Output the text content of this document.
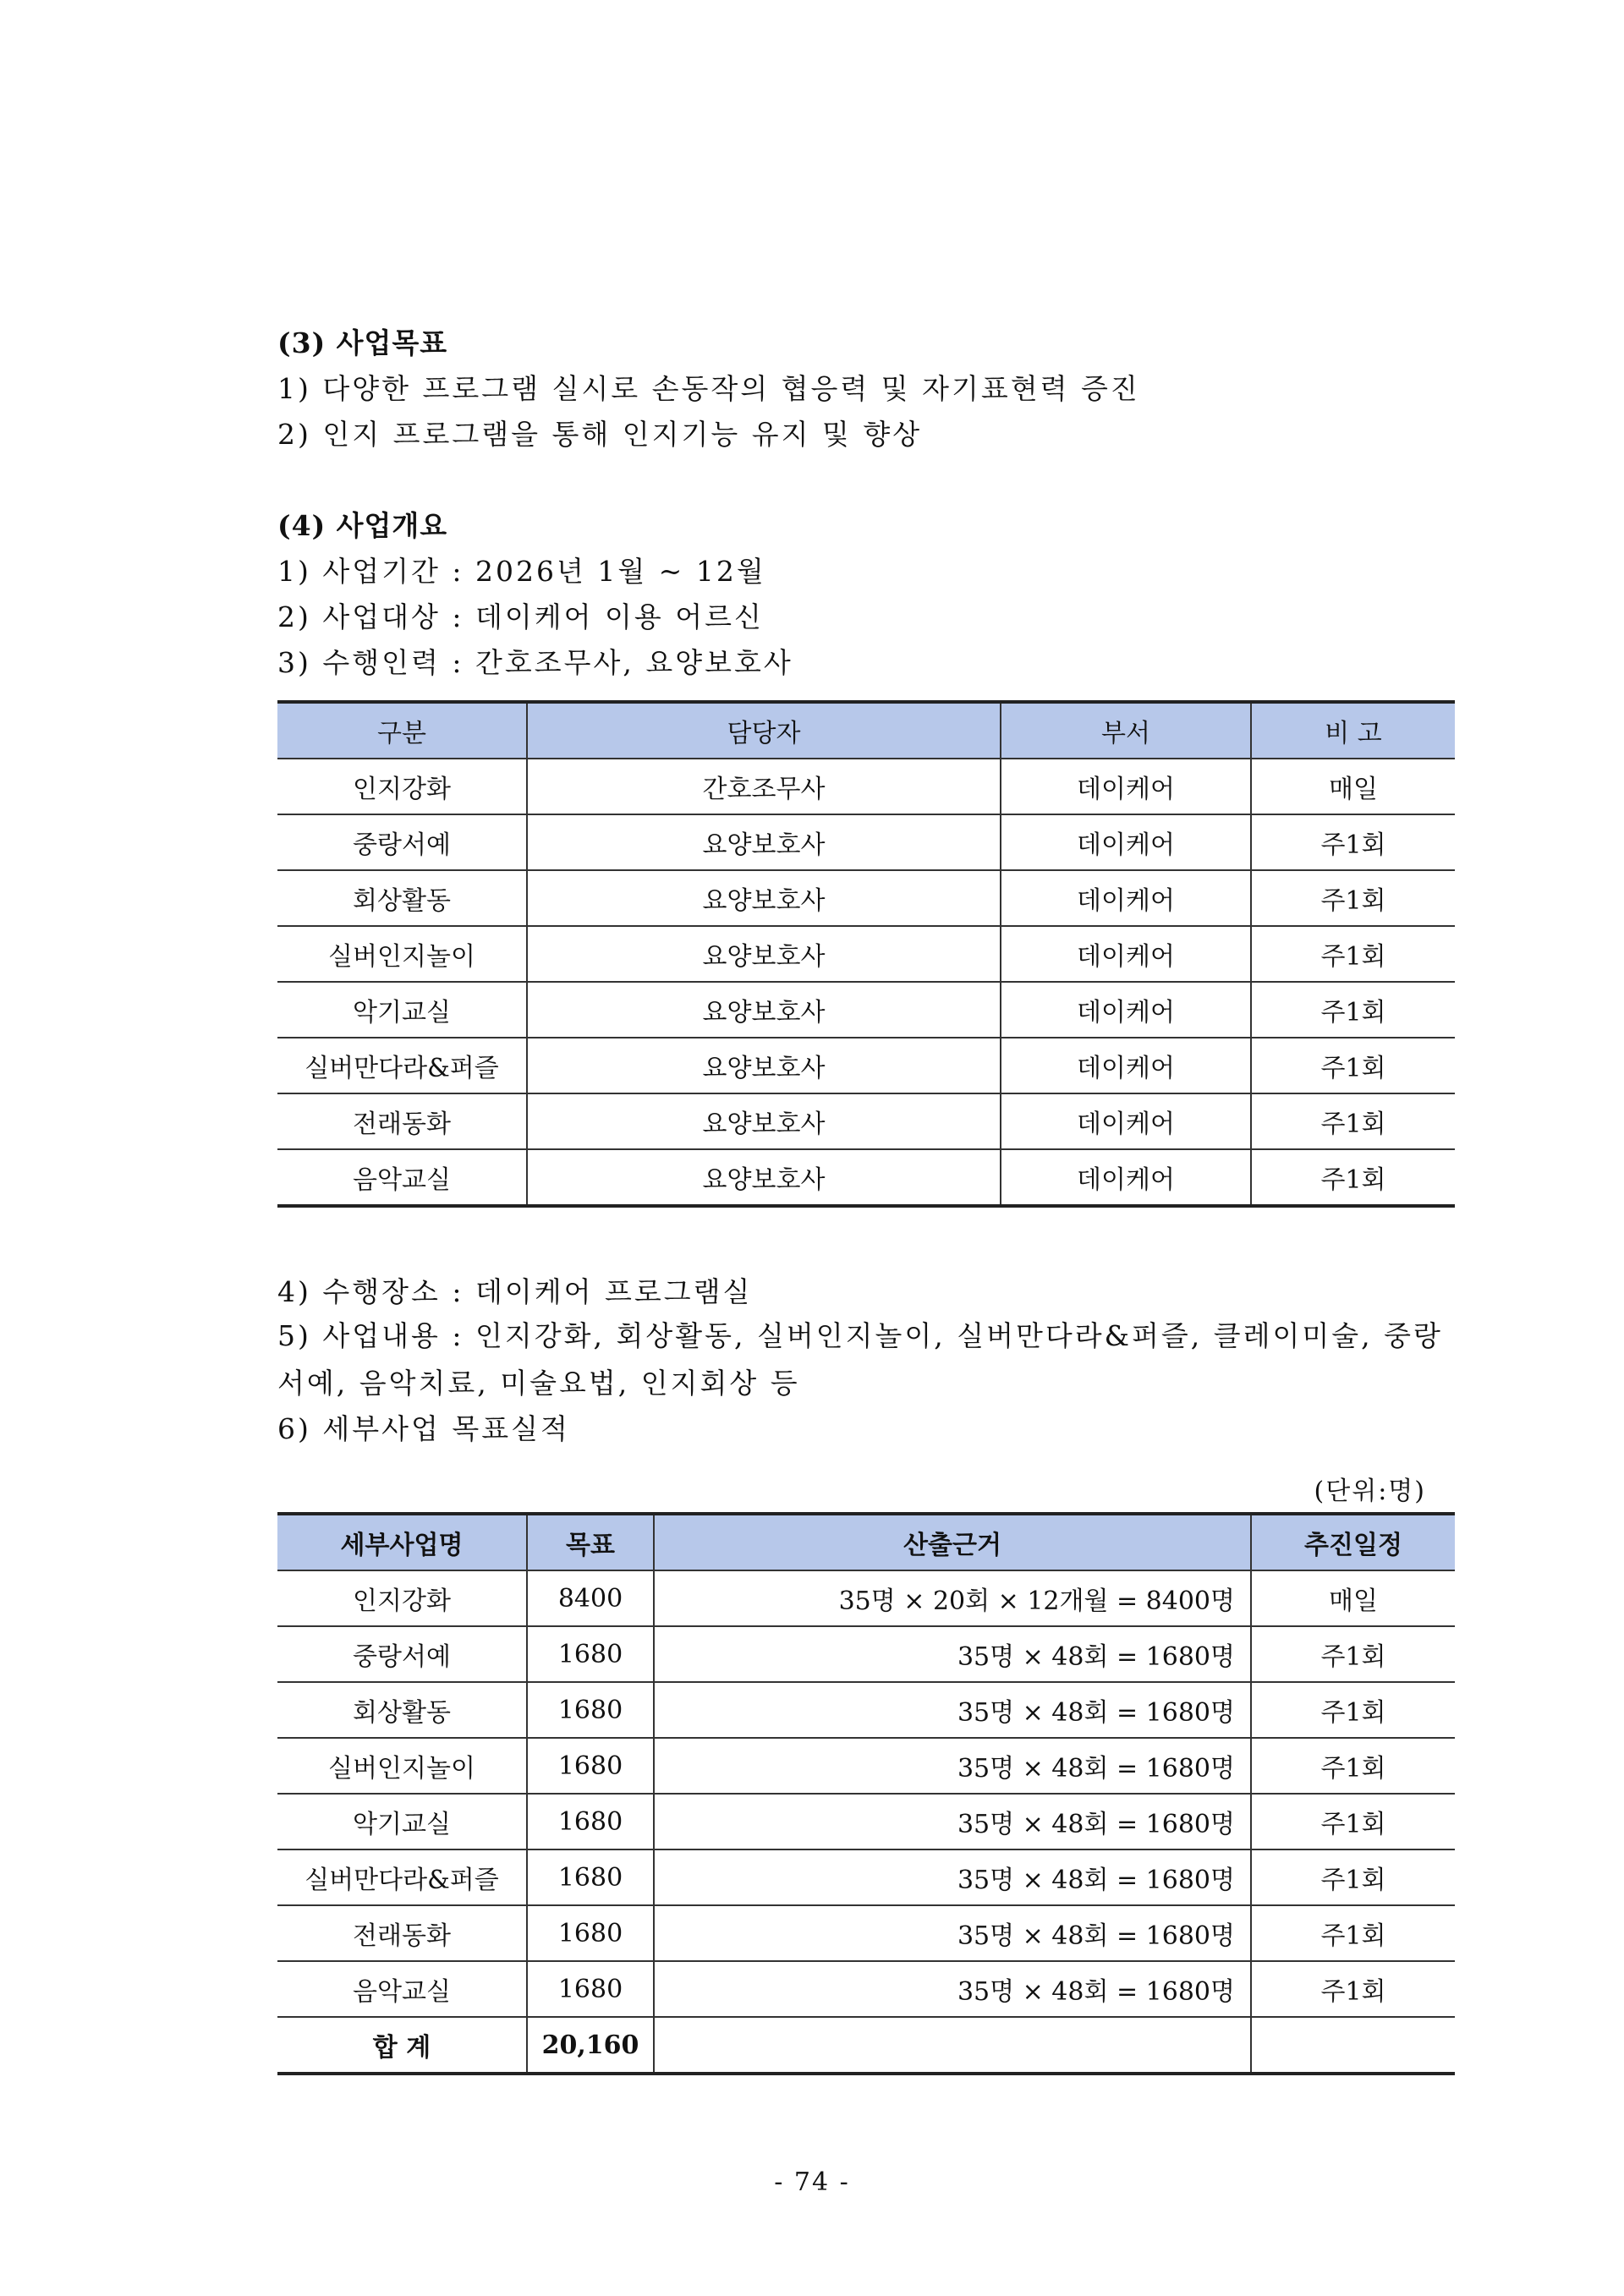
(3) 사업목표
1) 다양한 프로그램 실시로 손동작의 협응력 및 자기표현력 증진
2) 인지 프로그램을 통해 인지기능 유지 및 향상
(4) 사업개요
1) 사업기간 : 2026년 1월 ~ 12월
2) 사업대상 : 데이케어 이용 어르신
3) 수행인력 : 간호조무사, 요양보호사
구분	담당자	부서	비 고
인지강화	간호조무사	데이케어	매일
중랑서예	요양보호사	데이케어	주1회
회상활동	요양보호사	데이케어	주1회
실버인지놀이	요양보호사	데이케어	주1회
악기교실	요양보호사	데이케어	주1회
실버만다라&퍼즐	요양보호사	데이케어	주1회
전래동화	요양보호사	데이케어	주1회
음악교실	요양보호사	데이케어	주1회
4) 수행장소 : 데이케어 프로그램실
5) 사업내용 : 인지강화, 회상활동, 실버인지놀이, 실버만다라&퍼즐, 클레이미술, 중랑서예, 음악치료, 미술요법, 인지회상 등
6) 세부사업 목표실적
(단위:명)
세부사업명	목표	산출근거	추진일정
인지강화	8400	35명 × 20회 × 12개월 = 8400명	매일
중랑서예	1680	35명 × 48회 = 1680명	주1회
회상활동	1680	35명 × 48회 = 1680명	주1회
실버인지놀이	1680	35명 × 48회 = 1680명	주1회
악기교실	1680	35명 × 48회 = 1680명	주1회
실버만다라&퍼즐	1680	35명 × 48회 = 1680명	주1회
전래동화	1680	35명 × 48회 = 1680명	주1회
음악교실	1680	35명 × 48회 = 1680명	주1회
합 계	20,160		
- 74 -
